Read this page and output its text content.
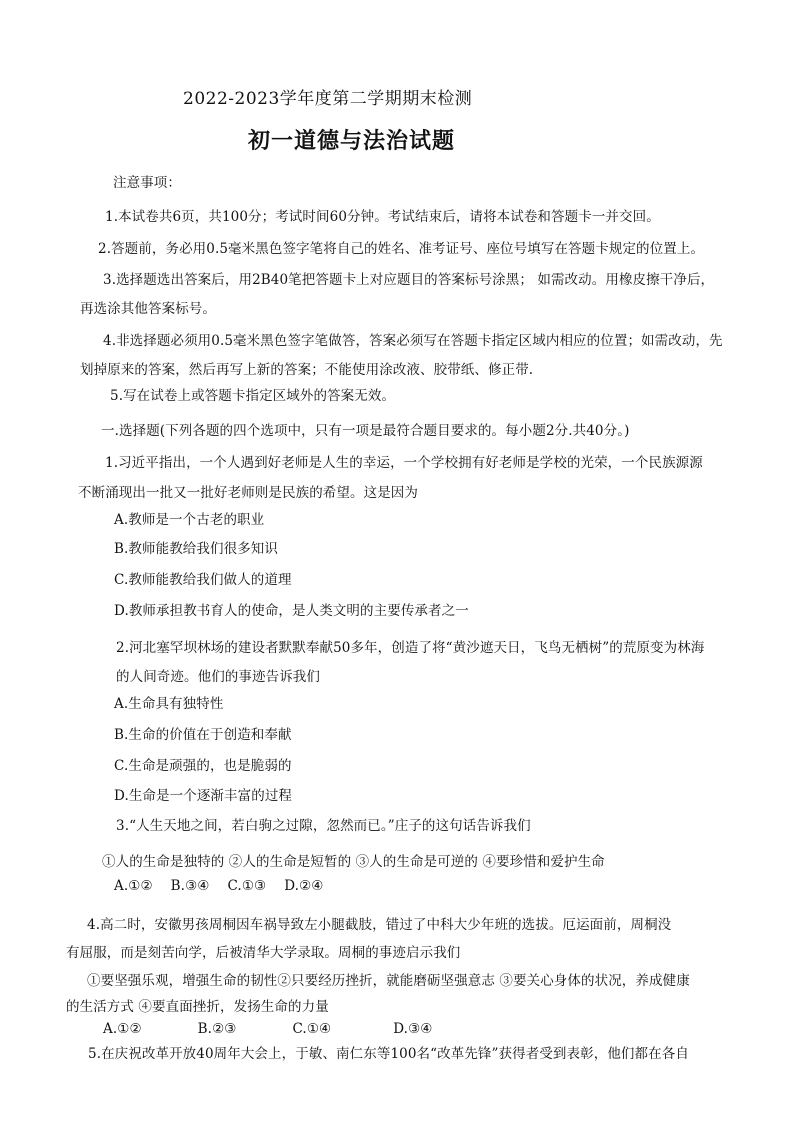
2022-2023学年度第二学期期末检测
初一道德与法治试题
注意事项：
1.本试卷共6页，共100分；考试时间60分钟。考试结束后，请将本试卷和答题卡一并交回。
2.答题前，务必用0.5毫米黑色签字笔将自己的姓名、准考证号、座位号填写在答题卡规定的位置上。
3.选择题选出答案后，用2B40笔把答题卡上对应题目的答案标号涂黑； 如需改动。用橡皮擦干净后，
再选涂其他答案标号。
4.非选择题必须用0.5毫米黑色签字笔做答，答案必须写在答题卡指定区域内相应的位置；如需改动，先
划掉原来的答案，然后再写上新的答案；不能使用涂改液、胶带纸、修正带.
5.写在试卷上或答题卡指定区域外的答案无效。
一.选择题(下列各题的四个选项中，只有一项是最符合题目要求的。每小题2分.共40分。)
1.习近平指出，一个人遇到好老师是人生的幸运，一个学校拥有好老师是学校的光荣，一个民族源源
不断涌现出一批又一批好老师则是民族的希望。这是因为
A.教师是一个古老的职业
B.教师能教给我们很多知识
C.教师能教给我们做人的道理
D.教师承担教书育人的使命，是人类文明的主要传承者之一
2.河北塞罕坝林场的建设者默默奉献50多年，创造了将“黄沙遮天日，飞鸟无栖树”的荒原变为林海
的人间奇迹。他们的事迹告诉我们
A.生命具有独特性
B.生命的价值在于创造和奉献
C.生命是顽强的，也是脆弱的
D.生命是一个逐渐丰富的过程
3.“人生天地之间，若白驹之过隙，忽然而已。”庄子的这句话告诉我们
①人的生命是独特的 ②人的生命是短暂的 ③人的生命是可逆的 ④要珍惜和爱护生命
A.①② B.③④ C.①③ D.②④
4.高二时，安徽男孩周桐因车祸导致左小腿截肢，错过了中科大少年班的选拔。厄运面前，周桐没
有屈服，而是刻苦向学，后被清华大学录取。周桐的事迹启示我们
①要坚强乐观，增强生命的韧性②只要经历挫折，就能磨砺坚强意志 ③要关心身体的状况，养成健康
的生活方式 ④要直面挫折，发扬生命的力量
A.①②	B.②③	C.①④	D.③④
5.在庆祝改革开放40周年大会上，于敏、南仁东等100名“改革先锋”获得者受到表彰，他们都在各自
